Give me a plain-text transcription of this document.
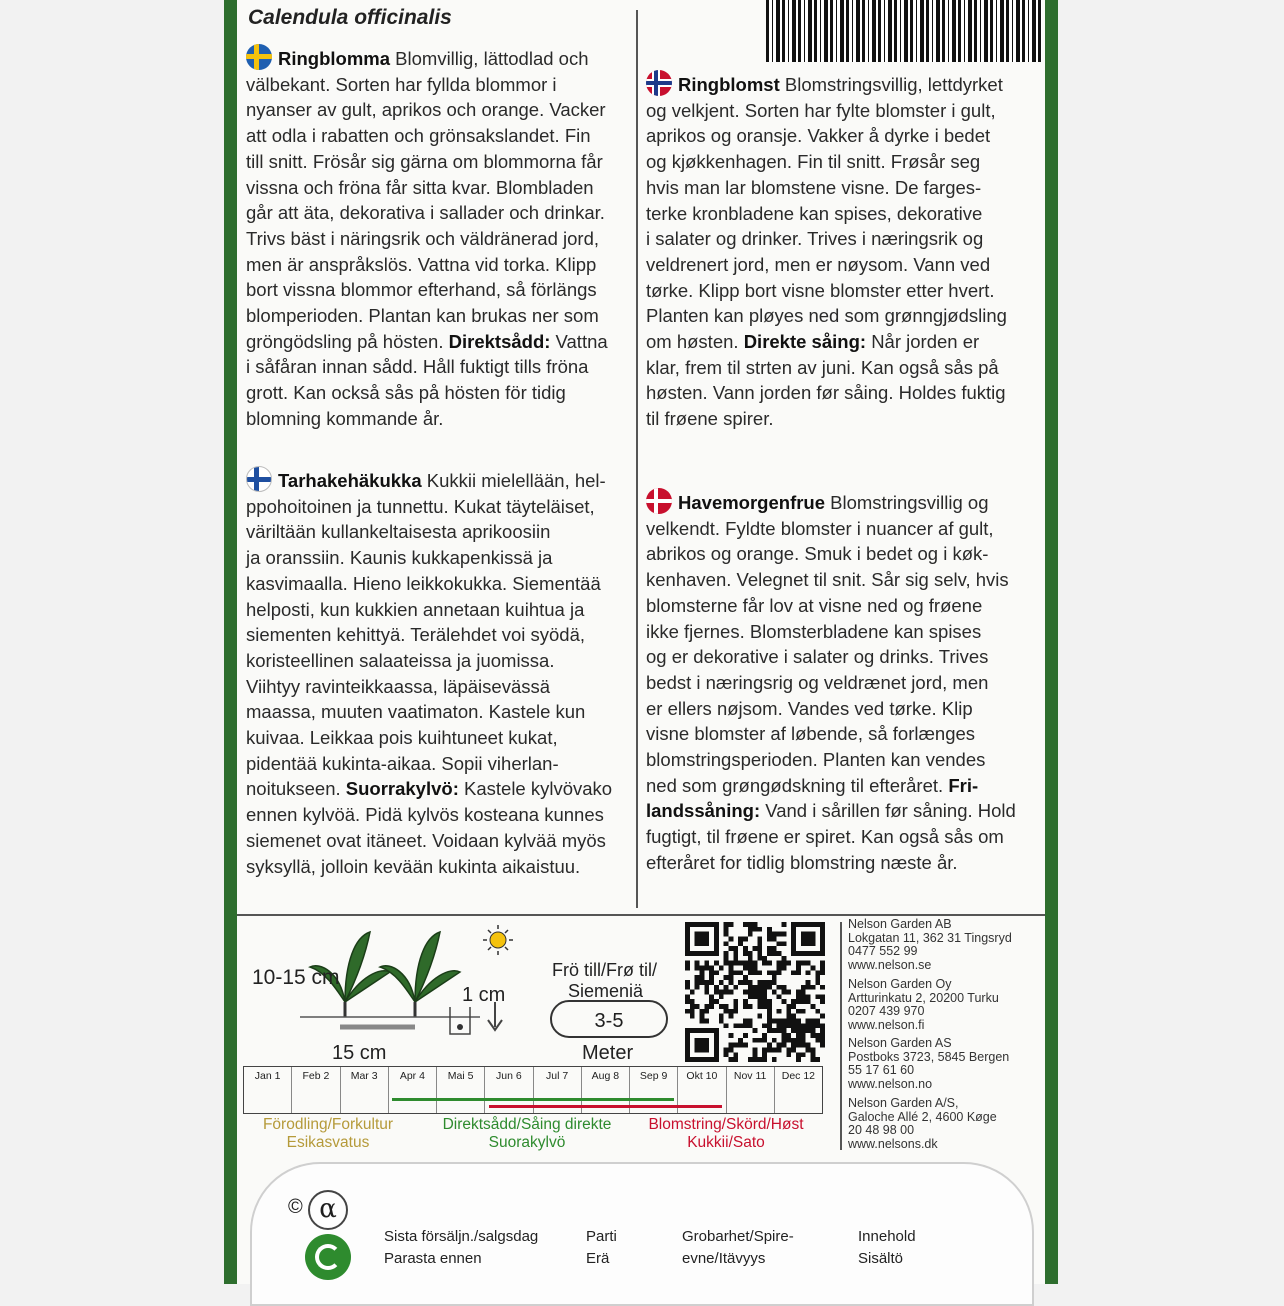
Calendula officinalis
Ringblomma Blomvillig, lättodlad och
välbekant. Sorten har fyllda blommor i
nyanser av gult, aprikos och orange. Vacker
att odla i rabatten och grönsakslandet. Fin
till snitt. Frösår sig gärna om blommorna får
vissna och fröna får sitta kvar. Blombladen
går att äta, dekorativa i sallader och drinkar.
Trivs bäst i näringsrik och väldränerad jord,
men är anspråkslös. Vattna vid torka. Klipp
bort vissna blommor efterhand, så förlängs
blomperioden. Plantan kan brukas ner som
gröngödsling på hösten. Direktsådd: Vattna
i såfåran innan sådd. Håll fuktigt tills fröna
grott. Kan också sås på hösten för tidig
blomning kommande år.
Ringblomst Blomstringsvillig, lettdyrket
og velkjent. Sorten har fylte blomster i gult,
aprikos og oransje. Vakker å dyrke i bedet
og kjøkkenhagen. Fin til snitt. Frøsår seg
hvis man lar blomstene visne. De farges-
terke kronbladene kan spises, dekorative
i salater og drinker. Trives i næringsrik og
veldrenert jord, men er nøysom. Vann ved
tørke. Klipp bort visne blomster etter hvert.
Planten kan pløyes ned som grønngjødsling
om høsten. Direkte såing: Når jorden er
klar, frem til strten av juni. Kan også sås på
høsten. Vann jorden før såing. Holdes fuktig
til frøene spirer.
Tarhakehäkukka Kukkii mielellään, hel-
ppohoitoinen ja tunnettu. Kukat täyteläiset,
väriltään kullankeltaisesta aprikoosiin
ja oranssiin. Kaunis kukkapenkissä ja
kasvimaalla. Hieno leikkokukka. Siementää
helposti, kun kukkien annetaan kuihtua ja
siementen kehittyä. Terälehdet voi syödä,
koristeellinen salaateissa ja juomissa.
Viihtyy ravinteikkaassa, läpäisevässä
maassa, muuten vaatimaton. Kastele kun
kuivaa. Leikkaa pois kuihtuneet kukat,
pidentää kukinta-aikaa. Sopii viherlan-
noitukseen. Suorrakylvö: Kastele kylvövako
ennen kylvöä. Pidä kylvös kosteana kunnes
siemenet ovat itäneet. Voidaan kylvää myös
syksyllä, jolloin kevään kukinta aikaistuu.
Havemorgenfrue Blomstringsvillig og
velkendt. Fyldte blomster i nuancer af gult,
abrikos og orange. Smuk i bedet og i køk-
kenhaven. Velegnet til snit. Sår sig selv, hvis
blomsterne får lov at visne ned og frøene
ikke fjernes. Blomsterbladene kan spises
og er dekorative i salater og drinks. Trives
bedst i næringsrig og veldrænet jord, men
er ellers nøjsom. Vandes ved tørke. Klip
visne blomster af løbende, så forlænges
blomstringsperioden. Planten kan vendes
ned som grøngødskning til efteråret. Fri-
landssåning: Vand i sårillen før såning. Hold
fugtigt, til frøene er spiret. Kan også sås om
efteråret for tidlig blomstring næste år.
10-15 cm
1 cm
15 cm
Frö till/Frø til/
Siemeniä
3-5
Meter
Nelson Garden AB
Lokgatan 11, 362 31 Tingsryd
0477 552 99
www.nelson.se
Nelson Garden Oy
Artturinkatu 2, 20200 Turku
0207 439 970
www.nelson.fi
Nelson Garden AS
Postboks 3723, 5845 Bergen
55 17 61 60
www.nelson.no
Nelson Garden A/S,
Galoche Allé 2, 4600 Køge
20 48 98 00
www.nelsons.dk
Jan 1	Feb 2	Mar 3	Apr 4	Mai 5	Jun 6	Jul 7	Aug 8	Sep 9	Okt 10	Nov 11	Dec 12
Förodling/Forkultur
Esikasvatus
Direktsådd/Såing direkte
Suorakylvö
Blomstring/Skörd/Høst
Kukkii/Sato
© α
Sista försäljn./salgsdag
Parasta ennen
Parti
Erä
Grobarhet/Spire-
evne/Itävyys
Innehold
Sisältö
